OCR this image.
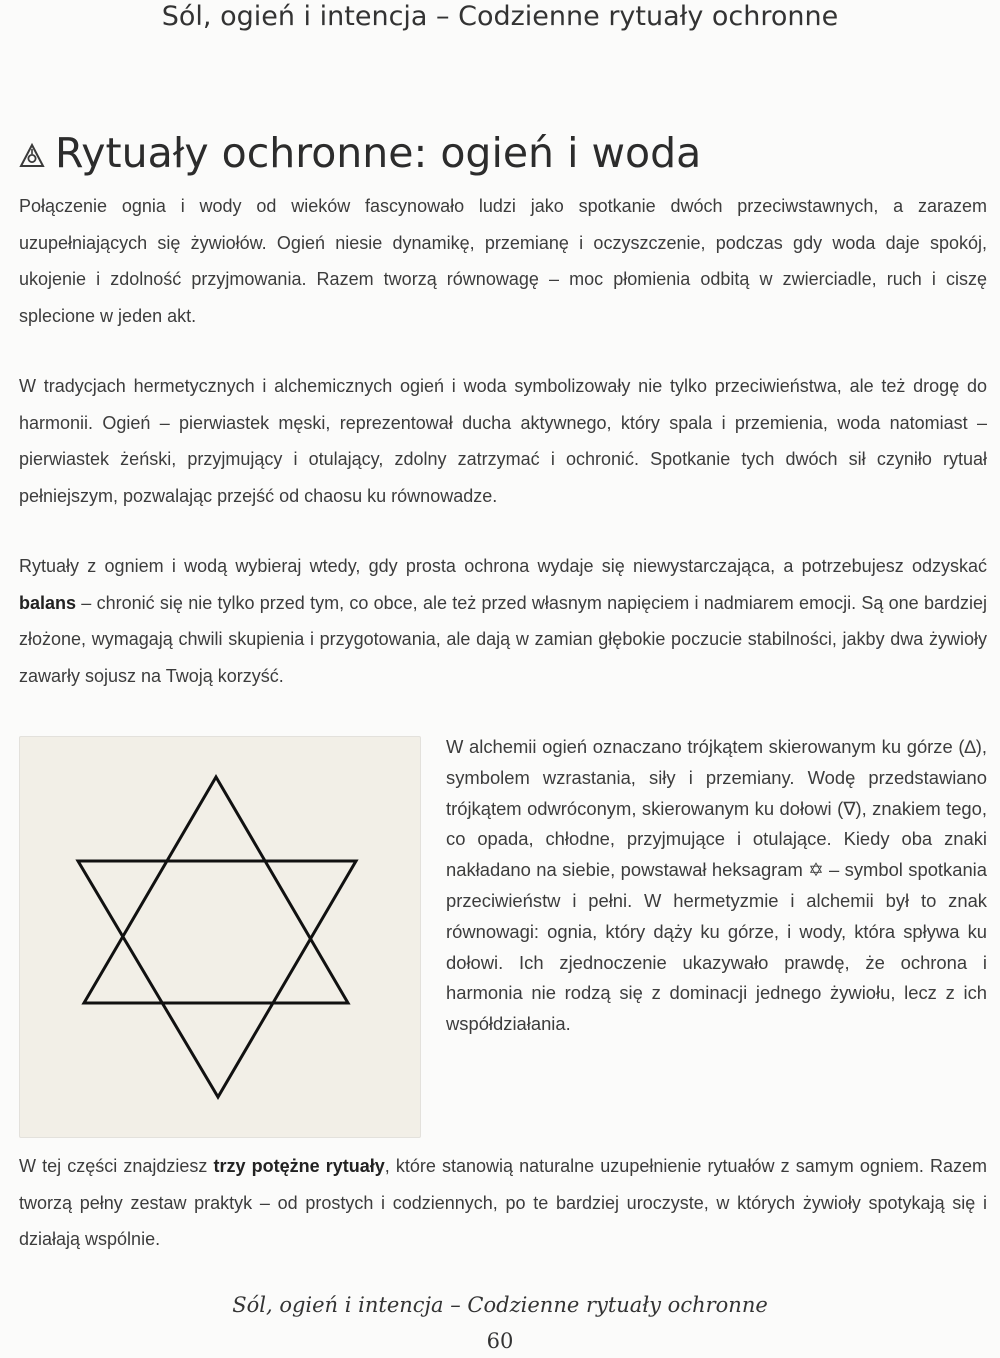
Sól, ogień i intencja – Codzienne rytuały ochronne
Rytuały ochronne: ogień i woda

Połączenie ognia i wody od wieków fascynowało ludzi jako spotkanie dwóch przeciwstawnych, a zarazem uzupełniających się żywiołów. Ogień niesie dynamikę, przemianę i oczyszczenie, podczas gdy woda daje spokój, ukojenie i zdolność przyjmowania. Razem tworzą równowagę – moc płomienia odbitą w zwierciadle, ruch i ciszę splecione w jeden akt.

W tradycjach hermetycznych i alchemicznych ogień i woda symbolizowały nie tylko przeciwieństwa, ale też drogę do harmonii. Ogień – pierwiastek męski, reprezentował ducha aktywnego, który spala i przemienia, woda natomiast – pierwiastek żeński, przyjmujący i otulający, zdolny zatrzymać i ochronić. Spotkanie tych dwóch sił czyniło rytuał pełniejszym, pozwalając przejść od chaosu ku równowadze.

Rytuały z ogniem i wodą wybieraj wtedy, gdy prosta ochrona wydaje się niewystarczająca, a potrzebujesz odzyskać balans – chronić się nie tylko przed tym, co obce, ale też przed własnym napięciem i nadmiarem emocji. Są one bardziej złożone, wymagają chwili skupienia i przygotowania, ale dają w zamian głębokie poczucie stabilności, jakby dwa żywioły zawarły sojusz na Twoją korzyść.

W alchemii ogień oznaczano trójkątem skierowanym ku górze (∆), symbolem wzrastania, siły i przemiany. Wodę przedstawiano trójkątem odwróconym, skierowanym ku dołowi (∇), znakiem tego, co opada, chłodne, przyjmujące i otulające. Kiedy oba znaki nakładano na siebie, powstawał heksagram ✡ – symbol spotkania przeciwieństw i pełni. W hermetyzmie i alchemii był to znak równowagi: ognia, który dąży ku górze, i wody, która spływa ku dołowi. Ich zjednoczenie ukazywało prawdę, że ochrona i harmonia nie rodzą się z dominacji jednego żywiołu, lecz z ich współdziałania.

W tej części znajdziesz trzy potężne rytuały, które stanowią naturalne uzupełnienie rytuałów z samym ogniem. Razem tworzą pełny zestaw praktyk – od prostych i codziennych, po te bardziej uroczyste, w których żywioły spotykają się i działają wspólnie.

Sól, ogień i intencja – Codzienne rytuały ochronne
60
